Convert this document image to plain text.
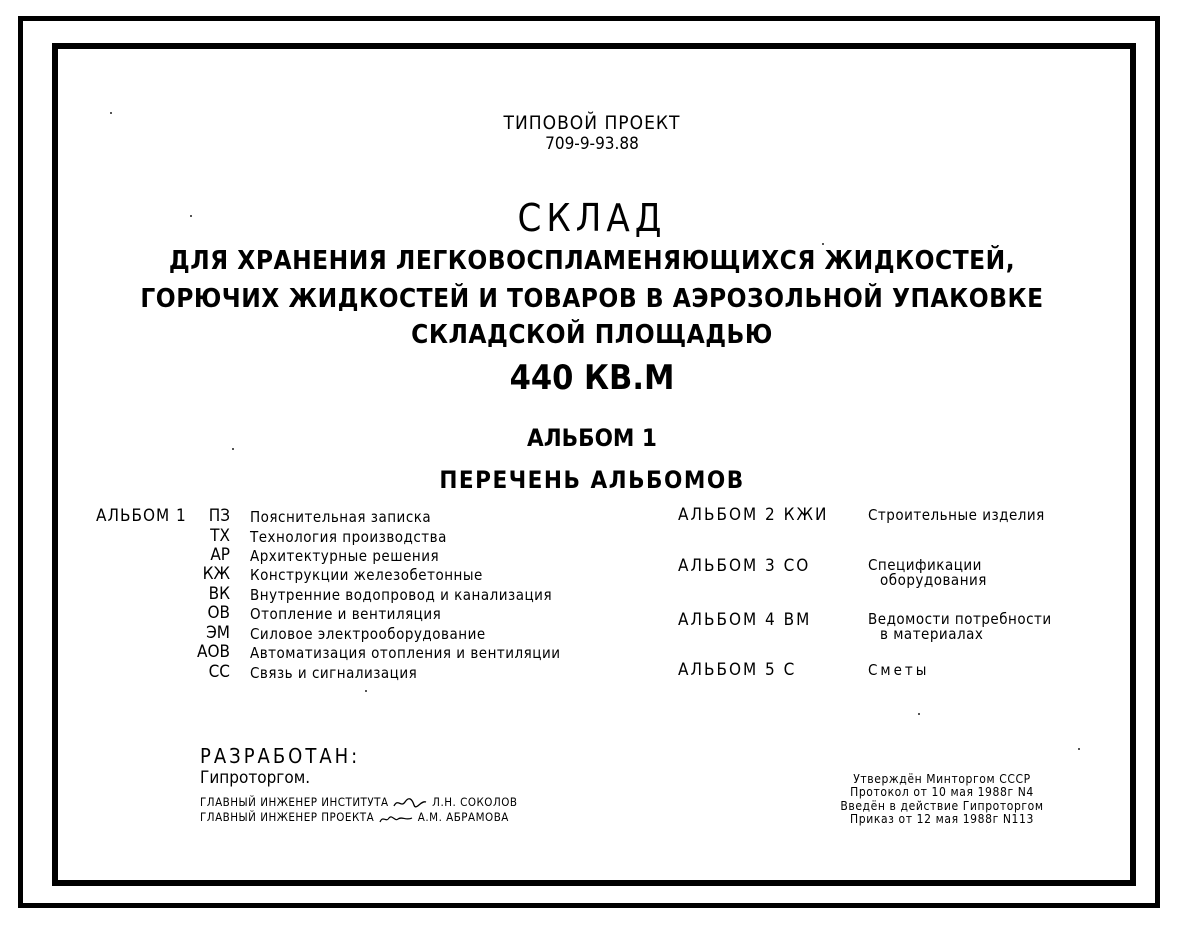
ТИПОВОЙ ПРОЕКТ
709-9-93.88
СКЛАД
ДЛЯ ХРАНЕНИЯ ЛЕГКОВОСПЛАМЕНЯЮЩИХСЯ ЖИДКОСТЕЙ,
ГОРЮЧИХ ЖИДКОСТЕЙ И ТОВАРОВ В АЭРОЗОЛЬНОЙ УПАКОВКЕ
СКЛАДСКОЙ ПЛОЩАДЬЮ
440 КВ.М
АЛЬБОМ 1
ПЕРЕЧЕНЬ АЛЬБОМОВ
АЛЬБОМ 1	ПЗ Пояснительная записка
ТХ Технология производства
АР Архитектурные решения
КЖ Конструкции железобетонные
ВК Внутренние водопровод и канализация
ОВ Отопление и вентиляция
ЭМ Силовое электрооборудование
АОВ Автоматизация отопления и вентиляции
СС Связь и сигнализация
АЛЬБОМ 2 КЖИ	Строительные изделия
АЛЬБОМ 3 СО	Спецификации
оборудования
АЛЬБОМ 4 ВМ	Ведомости потребности
в материалах
АЛЬБОМ 5 С	Сметы
РАЗРАБОТАН:
Гипроторгом.
ГЛАВНЫЙ ИНЖЕНЕР ИНСТИТУТА	Л.Н. СОКОЛОВ
ГЛАВНЫЙ ИНЖЕНЕР ПРОЕКТА	А.М. АБРАМОВА
Утверждён Минторгом СССР
Протокол от 10 мая 1988г N4
Введён в действие Гипроторгом
Приказ от 12 мая 1988г N113
